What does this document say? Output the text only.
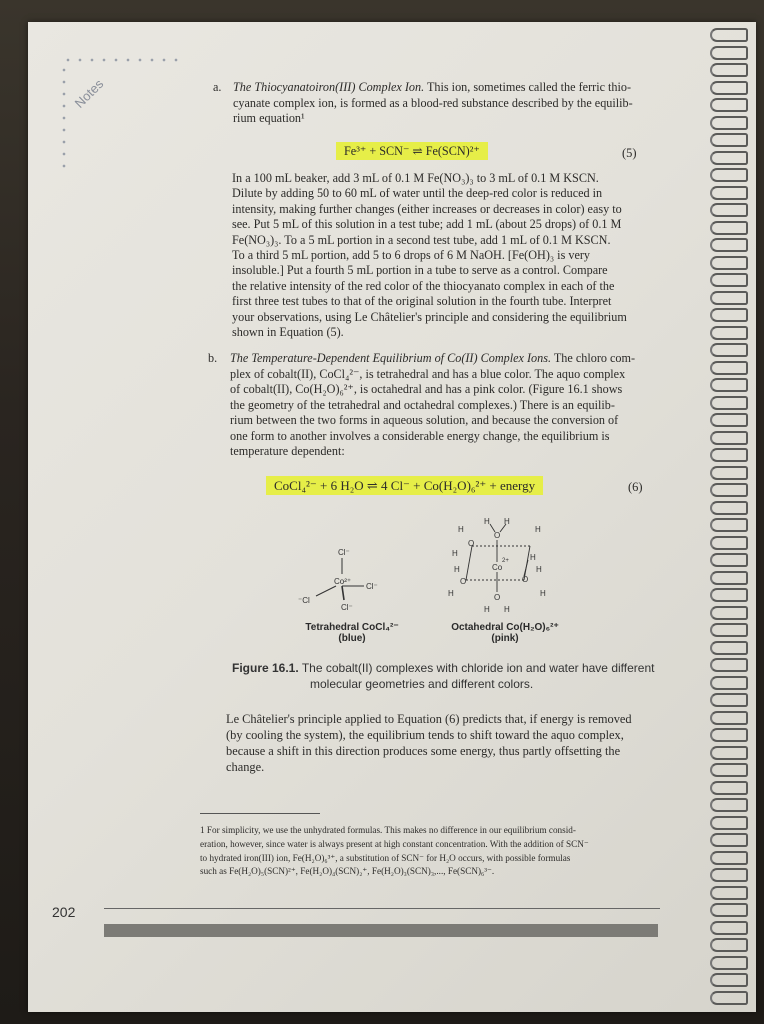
Notes	a. The Thiocyanatoiron(III) Complex Ion. This ion, sometimes called the ferric thio-
cyanate complex ion, is formed as a blood-red substance described by the equilib-
rium equation¹
Fe³⁺ + SCN⁻ ⇌ Fe(SCN)²⁺	(5)
In a 100 mL beaker, add 3 mL of 0.1 M Fe(NO₃)₃ to 3 mL of 0.1 M KSCN.
Dilute by adding 50 to 60 mL of water until the deep-red color is reduced in
intensity, making further changes (either increases or decreases in color) easy to
see. Put 5 mL of this solution in a test tube; add 1 mL (about 25 drops) of 0.1 M
Fe(NO₃)₃. To a 5 mL portion in a second test tube, add 1 mL of 0.1 M KSCN.
To a third 5 mL portion, add 5 to 6 drops of 6 M NaOH. [Fe(OH)₃ is very
insoluble.] Put a fourth 5 mL portion in a tube to serve as a control. Compare
the relative intensity of the red color of the thiocyanato complex in each of the
first three test tubes to that of the original solution in the fourth tube. Interpret
your observations, using Le Châtelier's principle and considering the equilibrium
shown in Equation (5).
b. The Temperature-Dependent Equilibrium of Co(II) Complex Ions. The chloro com-
plex of cobalt(II), CoCl₄²⁻, is tetrahedral and has a blue color. The aquo complex
of cobalt(II), Co(H₂O)₆²⁺, is octahedral and has a pink color. (Figure 16.1 shows
the geometry of the tetrahedral and octahedral complexes.) There is an equilib-
rium between the two forms in aqueous solution, and because the conversion of
one form to another involves a considerable energy change, the equilibrium is
temperature dependent:
CoCl₄²⁻ + 6 H₂O ⇌ 4 Cl⁻ + Co(H₂O)₆²⁺ + energy	(6)
Cl⁻
Co²⁺
Cl⁻
⁻Cl
Cl⁻
H H
H	H
O
O
H
H	Co
2+	H
H
O
O
H	H
O
H H
Tetrahedral CoCl₄²⁻
(blue)
Octahedral Co(H₂O)₆²⁺
(pink)
Figure 16.1. The cobalt(II) complexes with chloride ion and water have different
molecular geometries and different colors.
Le Châtelier's principle applied to Equation (6) predicts that, if energy is removed
(by cooling the system), the equilibrium tends to shift toward the aquo complex,
because a shift in this direction produces some energy, thus partly offsetting the
change.
1 For simplicity, we use the unhydrated formulas. This makes no difference in our equilibrium consid-
eration, however, since water is always present at high constant concentration. With the addition of SCN⁻
to hydrated iron(III) ion, Fe(H₂O)₆³⁺, a substitution of SCN⁻ for H₂O occurs, with possible formulas
such as Fe(H₂O)₅(SCN)²⁺, Fe(H₂O)₄(SCN)₂⁺, Fe(H₂O)₃(SCN)₃,..., Fe(SCN)₆³⁻.
202
